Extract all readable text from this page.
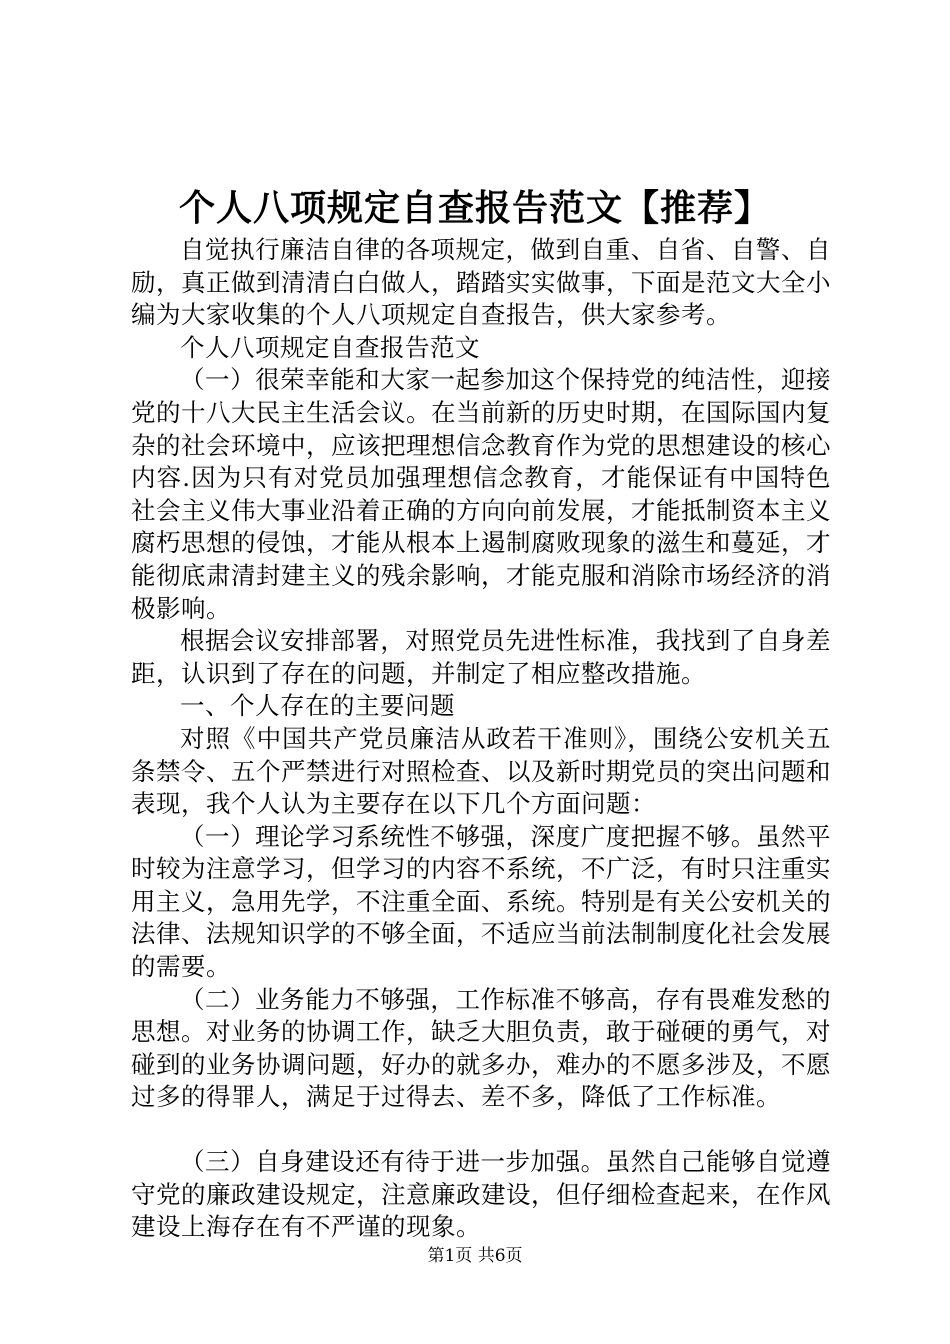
个人八项规定自查报告范文【推荐】

自觉执行廉洁自律的各项规定，做到自重、自省、自警、自励，真正做到清清白白做人，踏踏实实做事，下面是范文大全小编为大家收集的个人八项规定自查报告，供大家参考。

个人八项规定自查报告范文

（一）很荣幸能和大家一起参加这个保持党的纯洁性，迎接党的十八大民主生活会议。在当前新的历史时期，在国际国内复杂的社会环境中，应该把理想信念教育作为党的思想建设的核心内容.因为只有对党员加强理想信念教育，才能保证有中国特色社会主义伟大事业沿着正确的方向向前发展，才能抵制资本主义腐朽思想的侵蚀，才能从根本上遏制腐败现象的滋生和蔓延，才能彻底肃清封建主义的残余影响，才能克服和消除市场经济的消极影响。

根据会议安排部署，对照党员先进性标准，我找到了自身差距，认识到了存在的问题，并制定了相应整改措施。

一、个人存在的主要问题

对照《中国共产党员廉洁从政若干准则》，围绕公安机关五条禁令、五个严禁进行对照检查、以及新时期党员的突出问题和表现，我个人认为主要存在以下几个方面问题：

（一）理论学习系统性不够强，深度广度把握不够。虽然平时较为注意学习，但学习的内容不系统，不广泛，有时只注重实用主义，急用先学，不注重全面、系统。特别是有关公安机关的法律、法规知识学的不够全面，不适应当前法制制度化社会发展的需要。

（二）业务能力不够强，工作标准不够高，存有畏难发愁的思想。对业务的协调工作，缺乏大胆负责，敢于碰硬的勇气，对碰到的业务协调问题，好办的就多办，难办的不愿多涉及，不愿过多的得罪人，满足于过得去、差不多，降低了工作标准。

（三）自身建设还有待于进一步加强。虽然自己能够自觉遵守党的廉政建设规定，注意廉政建设，但仔细检查起来，在作风建设上海存在有不严谨的现象。

第1页 共6页
